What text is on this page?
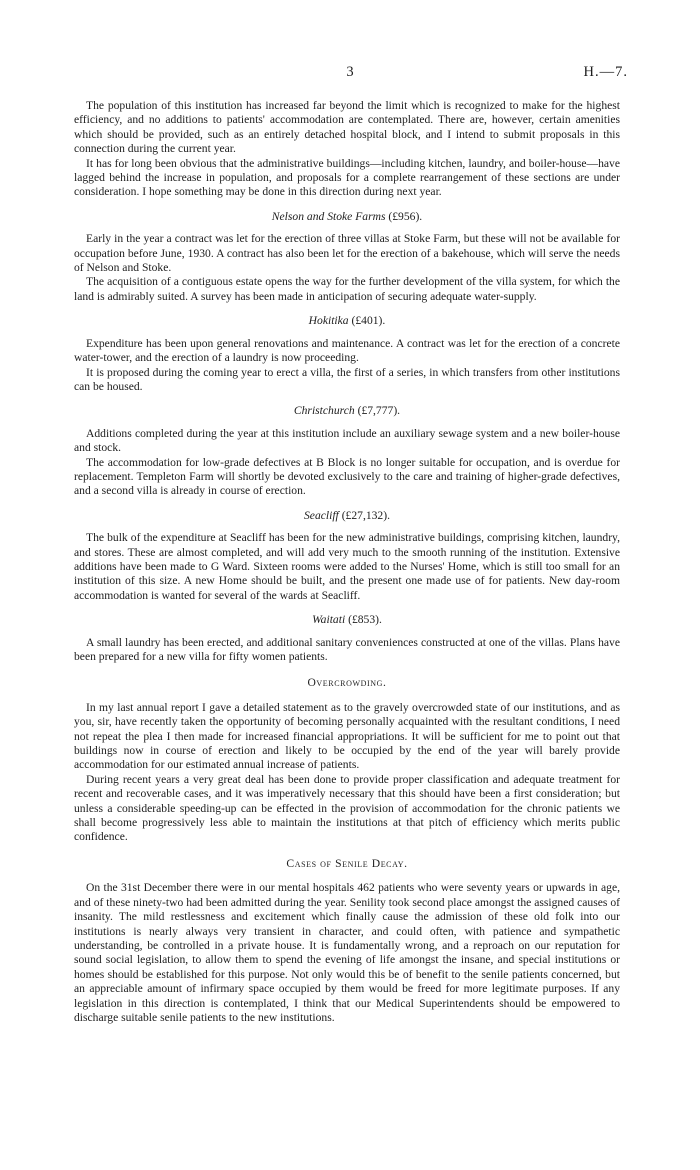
3	H.—7.

The population of this institution has increased far beyond the limit which is recognized to make for the highest efficiency, and no additions to patients' accommodation are contemplated. There are, however, certain amenities which should be provided, such as an entirely detached hospital block, and I intend to submit proposals in this connection during the current year.

It has for long been obvious that the administrative buildings—including kitchen, laundry, and boiler-house—have lagged behind the increase in population, and proposals for a complete rearrangement of these sections are under consideration. I hope something may be done in this direction during next year.

Nelson and Stoke Farms (£956).

Early in the year a contract was let for the erection of three villas at Stoke Farm, but these will not be available for occupation before June, 1930. A contract has also been let for the erection of a bakehouse, which will serve the needs of Nelson and Stoke.

The acquisition of a contiguous estate opens the way for the further development of the villa system, for which the land is admirably suited. A survey has been made in anticipation of securing adequate water-supply.

Hokitika (£401).

Expenditure has been upon general renovations and maintenance. A contract was let for the erection of a concrete water-tower, and the erection of a laundry is now proceeding.

It is proposed during the coming year to erect a villa, the first of a series, in which transfers from other institutions can be housed.

Christchurch (£7,777).

Additions completed during the year at this institution include an auxiliary sewage system and a new boiler-house and stock.

The accommodation for low-grade defectives at B Block is no longer suitable for occupation, and is overdue for replacement. Templeton Farm will shortly be devoted exclusively to the care and training of higher-grade defectives, and a second villa is already in course of erection.

Seacliff (£27,132).

The bulk of the expenditure at Seacliff has been for the new administrative buildings, comprising kitchen, laundry, and stores. These are almost completed, and will add very much to the smooth running of the institution. Extensive additions have been made to G Ward. Sixteen rooms were added to the Nurses' Home, which is still too small for an institution of this size. A new Home should be built, and the present one made use of for patients. New day-room accommodation is wanted for several of the wards at Seacliff.

Waitati (£853).

A small laundry has been erected, and additional sanitary conveniences constructed at one of the villas. Plans have been prepared for a new villa for fifty women patients.

Overcrowding.

In my last annual report I gave a detailed statement as to the gravely overcrowded state of our institutions, and as you, sir, have recently taken the opportunity of becoming personally acquainted with the resultant conditions, I need not repeat the plea I then made for increased financial appropriations. It will be sufficient for me to point out that buildings now in course of erection and likely to be occupied by the end of the year will barely provide accommodation for our estimated annual increase of patients.

During recent years a very great deal has been done to provide proper classification and adequate treatment for recent and recoverable cases, and it was imperatively necessary that this should have been a first consideration; but unless a considerable speeding-up can be effected in the provision of accommodation for the chronic patients we shall become progressively less able to maintain the institutions at that pitch of efficiency which merits public confidence.

Cases of Senile Decay.

On the 31st December there were in our mental hospitals 462 patients who were seventy years or upwards in age, and of these ninety-two had been admitted during the year. Senility took second place amongst the assigned causes of insanity. The mild restlessness and excitement which finally cause the admission of these old folk into our institutions is nearly always very transient in character, and could often, with patience and sympathetic understanding, be controlled in a private house. It is fundamentally wrong, and a reproach on our reputation for sound social legislation, to allow them to spend the evening of life amongst the insane, and special institutions or homes should be established for this purpose. Not only would this be of benefit to the senile patients concerned, but an appreciable amount of infirmary space occupied by them would be freed for more legitimate purposes. If any legislation in this direction is contemplated, I think that our Medical Superintendents should be empowered to discharge suitable senile patients to the new institutions.
